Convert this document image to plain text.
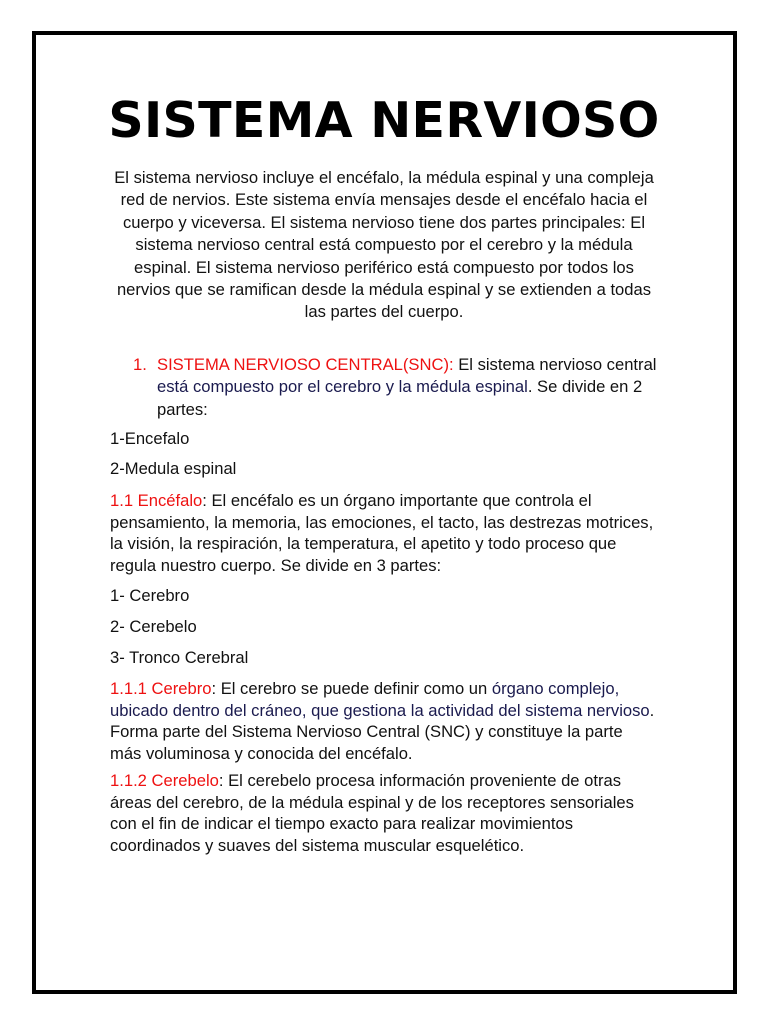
SISTEMA NERVIOSO

El sistema nervioso incluye el encéfalo, la médula espinal y una compleja red de nervios. Este sistema envía mensajes desde el encéfalo hacia el cuerpo y viceversa. El sistema nervioso tiene dos partes principales: El sistema nervioso central está compuesto por el cerebro y la médula espinal. El sistema nervioso periférico está compuesto por todos los nervios que se ramifican desde la médula espinal y se extienden a todas las partes del cuerpo.

1. SISTEMA NERVIOSO CENTRAL(SNC): El sistema nervioso central está compuesto por el cerebro y la médula espinal. Se divide en 2 partes:

1-Encefalo

2-Medula espinal

1.1 Encéfalo: El encéfalo es un órgano importante que controla el pensamiento, la memoria, las emociones, el tacto, las destrezas motrices, la visión, la respiración, la temperatura, el apetito y todo proceso que regula nuestro cuerpo. Se divide en 3 partes:

1- Cerebro

2- Cerebelo

3- Tronco Cerebral

1.1.1 Cerebro: El cerebro se puede definir como un órgano complejo, ubicado dentro del cráneo, que gestiona la actividad del sistema nervioso. Forma parte del Sistema Nervioso Central (SNC) y constituye la parte más voluminosa y conocida del encéfalo.

1.1.2 Cerebelo: El cerebelo procesa información proveniente de otras áreas del cerebro, de la médula espinal y de los receptores sensoriales con el fin de indicar el tiempo exacto para realizar movimientos coordinados y suaves del sistema muscular esquelético.
